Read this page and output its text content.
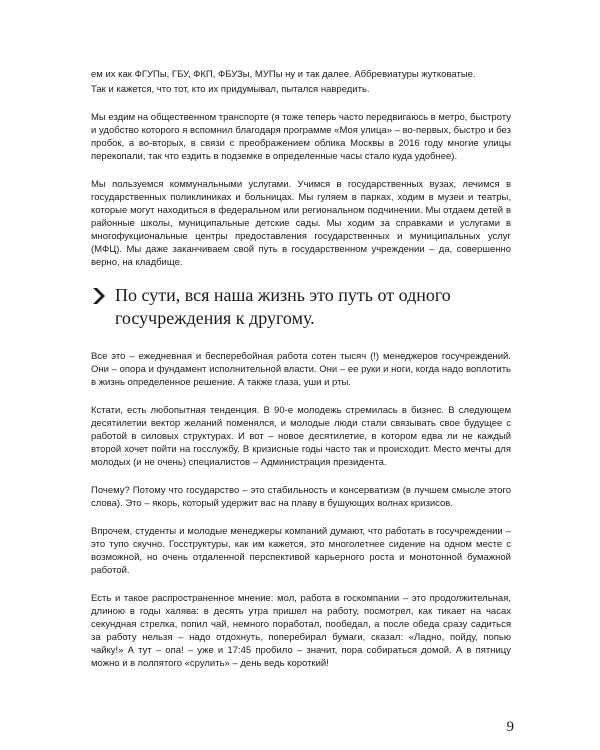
ем их как ФГУПы, ГБУ, ФКП, ФБУЗы, МУПы ну и так далее. Аббревиатуры жутковатые.

Так и кажется, что тот, кто их придумывал, пытался навредить.

Мы ездим на общественном транспорте (я тоже теперь часто передвигаюсь в метро, быстроту и удобство которого я вспомнил благодаря программе «Моя улица» – во-первых, быстро и без пробок, а во-вторых, в связи с преображением облика Москвы в 2016 году многие улицы перекопали, так что ездить в подземке в определенные часы стало куда удобнее).

Мы пользуемся коммунальными услугами. Учимся в государственных вузах, лечимся в государственных поликлиниках и больницах. Мы гуляем в парках, ходим в музеи и театры, которые могут находиться в федеральном или региональном подчинении. Мы отдаем детей в районные школы, муниципальные детские сады. Мы ходим за справками и услугами в многофукциональные центры предоставления государственных и муниципальных услуг (МФЦ). Мы даже заканчиваем свой путь в государственном учреждении – да, совершенно верно, на кладбище.

По сути, вся наша жизнь это путь от одного госучреждения к другому.

Все это – ежедневная и бесперебойная работа сотен тысяч (!) менеджеров госучреждений. Они – опора и фундамент исполнительной власти. Они – ее руки и ноги, когда надо воплотить в жизнь определенное решение. А также глаза, уши и рты.

Кстати, есть любопытная тенденция. В 90-е молодежь стремилась в бизнес. В следующем десятилетии вектор желаний поменялся, и молодые люди стали связывать свое будущее с работой в силовых структурах. И вот – новое десятилетие, в котором едва ли не каждый второй хочет пойти на госслужбу. В кризисные годы часто так и происходит. Место мечты для молодых (и не очень) специалистов – Администрация президента.

Почему? Потому что государство – это стабильность и консерватизм (в лучшем смысле этого слова). Это – якорь, который удержит вас на плаву в бушующих волнах кризисов.

Впрочем, студенты и молодые менеджеры компаний думают, что работать в госучреждении – это тупо скучно. Госструктуры, как им кажется, это многолетнее сидение на одном месте с возможной, но очень отдаленной перспективой карьерного роста и монотонной бумажной работой.

Есть и такое распространенное мнение: мол, работа в госкомпании – это продолжительная, длиною в годы халява: в десять утра пришел на работу, посмотрел, как тикает на часах секундная стрелка, попил чай, немного поработал, пообедал, а после обеда сразу садиться за работу нельзя – надо отдохнуть, поперебирал бумаги, сказал: «Ладно, пойду, попью чайку!» А тут – опа! – уже и 17:45 пробило – значит, пора собираться домой. А в пятницу можно и в полпятого «срулить» – день ведь короткий!

9
